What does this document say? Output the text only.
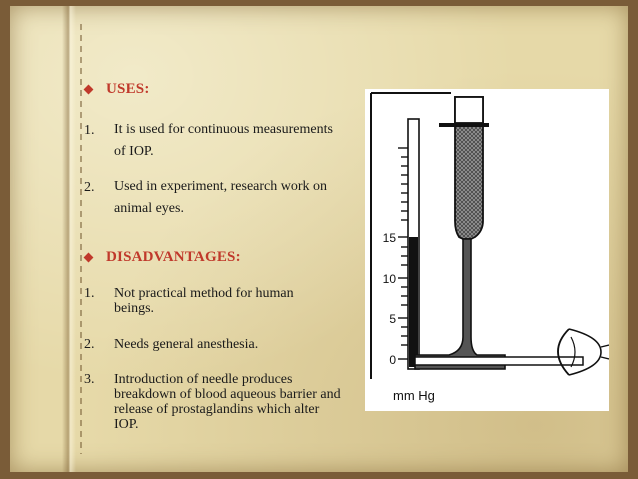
USES:
1.	It is used for continuous measurements of IOP.
2.	Used in experiment, research work on animal eyes.
DISADVANTAGES:
1.	Not practical method for human beings.
2.	Needs general anesthesia.
3.	Introduction of needle produces breakdown of blood aqueous barrier and release of prostaglandins which alter IOP.
15
10
5
0
mm Hg
